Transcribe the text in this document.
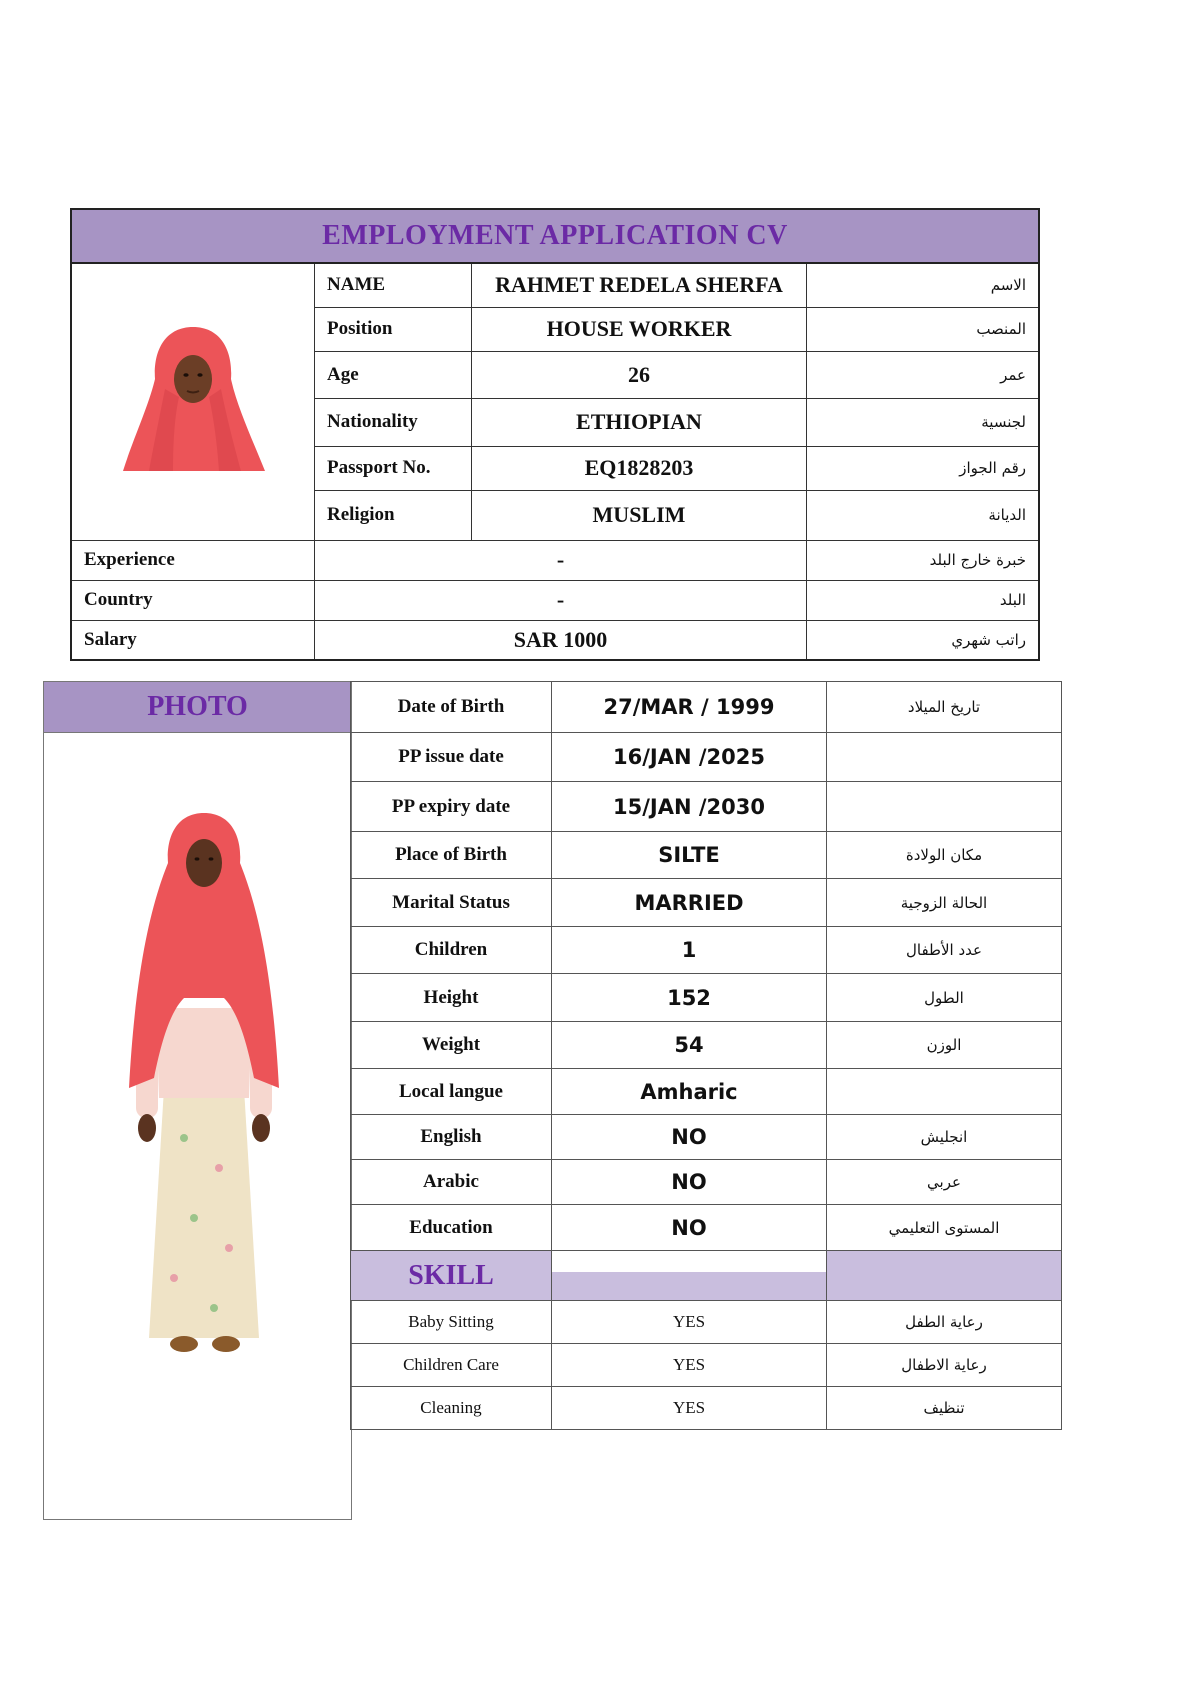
EMPLOYMENT APPLICATION CV			
	NAME	RAHMET REDELA SHERFA	الاسم
	Position	HOUSE WORKER	المنصب
	Age	26	عمر
	Nationality	ETHIOPIAN	لجنسية
	Passport No.	EQ1828203	رقم الجواز
	Religion	MUSLIM	الديانة
Experience	-		خبرة خارج البلد
Country	-		البلد
Salary	SAR 1000		راتب شهري
PHOTO	Date of Birth	27/MAR / 1999	تاريخ الميلاد
PP issue date	16/JAN /2025	
PP expiry date	15/JAN /2030	
Place of Birth	SILTE	مكان الولادة
Marital Status	MARRIED	الحالة الزوجية
Children	1	عدد الأطفال
Height	152	الطول
Weight	54	الوزن
Local langue	Amharic	
English	NO	انجليش
Arabic	NO	عربي
Education	NO	المستوى التعليمي
SKILL	

Baby Sitting	YES	رعاية الطفل
Children Care	YES	رعاية الاطفال
Cleaning	YES	تنظيف
